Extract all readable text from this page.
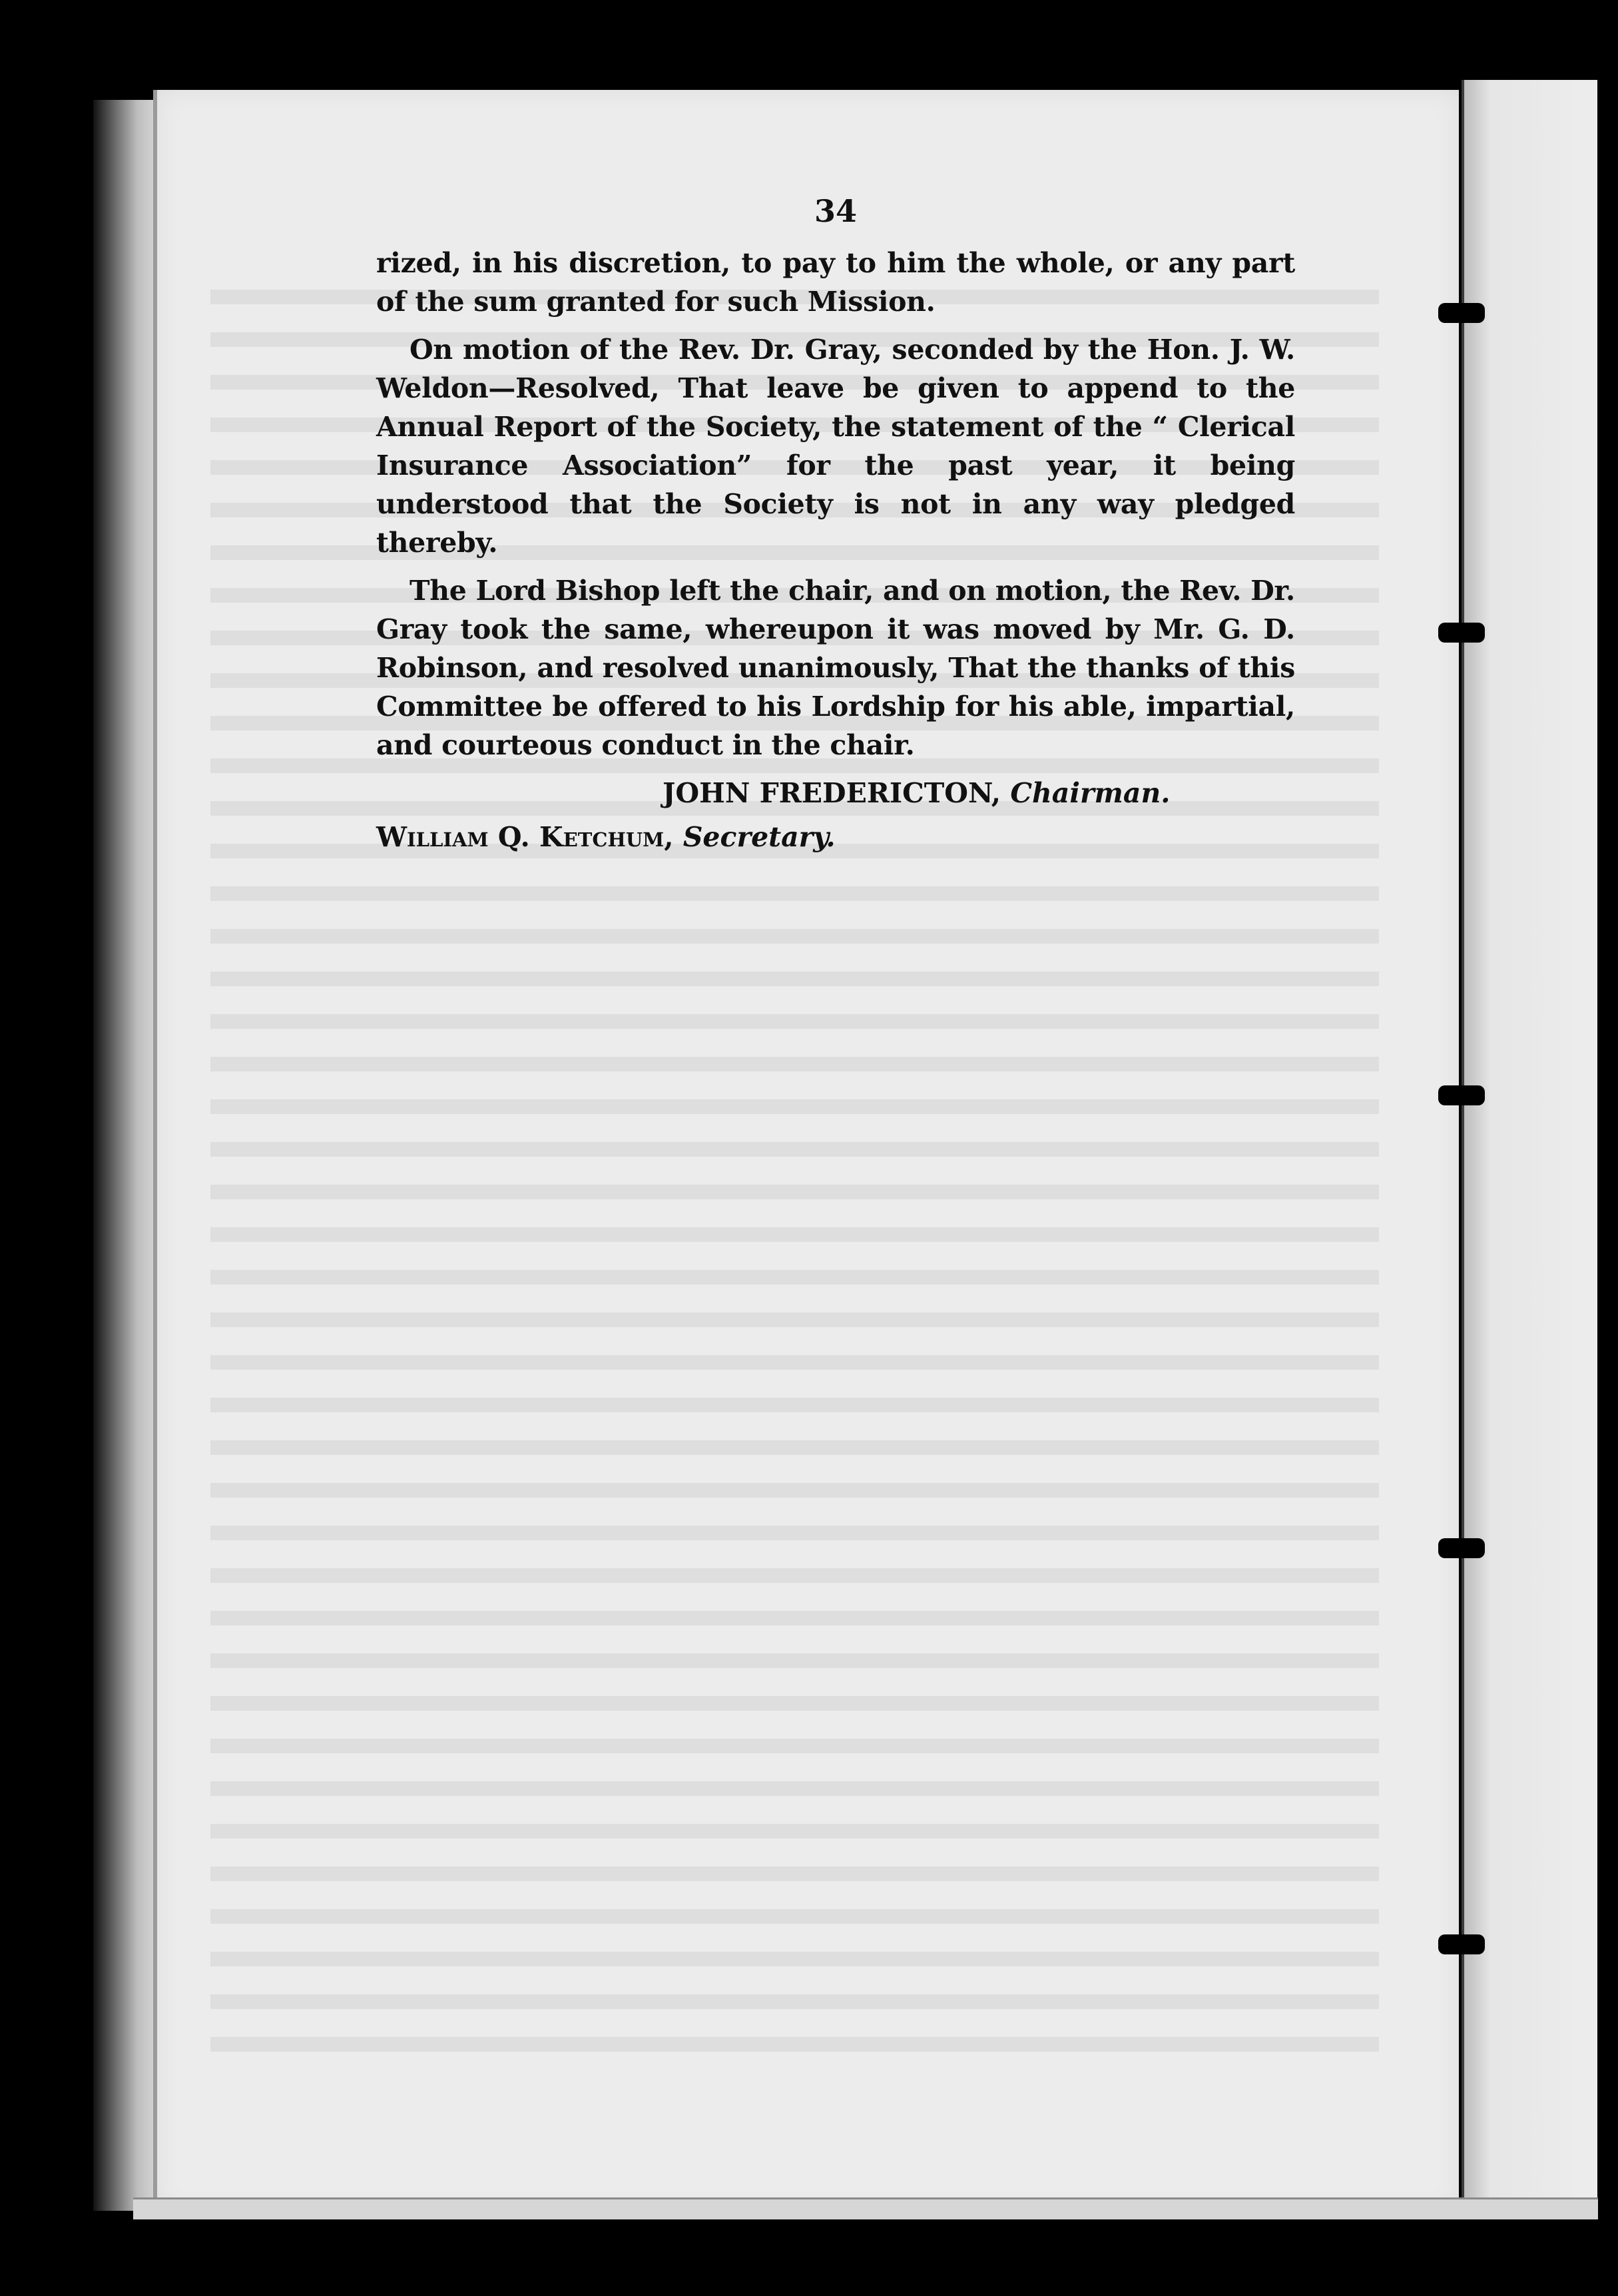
34

rized, in his discretion, to pay to him the whole, or any part of the sum granted for such Mission.

On motion of the Rev. Dr. Gray, seconded by the Hon. J. W. Weldon—Resolved, That leave be given to append to the Annual Report of the Society, the statement of the “ Clerical Insurance Association” for the past year, it being understood that the Society is not in any way pledged thereby.

The Lord Bishop left the chair, and on motion, the Rev. Dr. Gray took the same, whereupon it was moved by Mr. G. D. Robinson, and resolved unanimously, That the thanks of this Committee be offered to his Lordship for his able, impartial, and courteous conduct in the chair.

JOHN FREDERICTON, Chairman.
William Q. Ketchum, Secretary.
